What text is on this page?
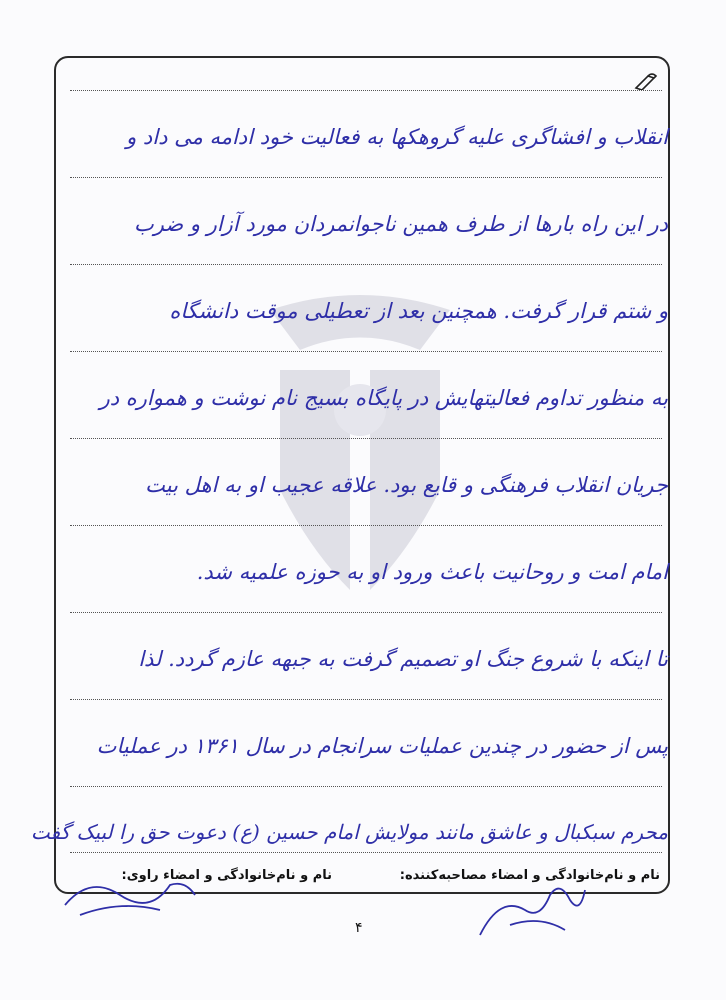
انقلاب و افشاگری علیه گروهکها به فعالیت خود ادامه می داد و
در این راه بارها از طرف همین ناجوانمردان مورد آزار و ضرب
و شتم قرار گرفت. همچنین بعد از تعطیلی موقت دانشگاه
به منظور تداوم فعالیتهایش در پایگاه بسیج نام نوشت و همواره در
جریان انقلاب فرهنگی و قایع بود. علاقه عجیب او به اهل بیت
امام امت و روحانیت باعث ورود او به حوزه علمیه شد.
تا اینکه با شروع جنگ او تصمیم گرفت به جبهه عازم گردد. لذا
پس از حضور در چندین عملیات سرانجام در سال ۱۳۶۱ در عملیات
محرم سبکبال و عاشق مانند مولایش امام حسین (ع) دعوت حق را لبیک گفت
نام و نام‌خانوادگی و امضاء مصاحبه‌کننده:
نام و نام‌خانوادگی و امضاء راوی:
۴
